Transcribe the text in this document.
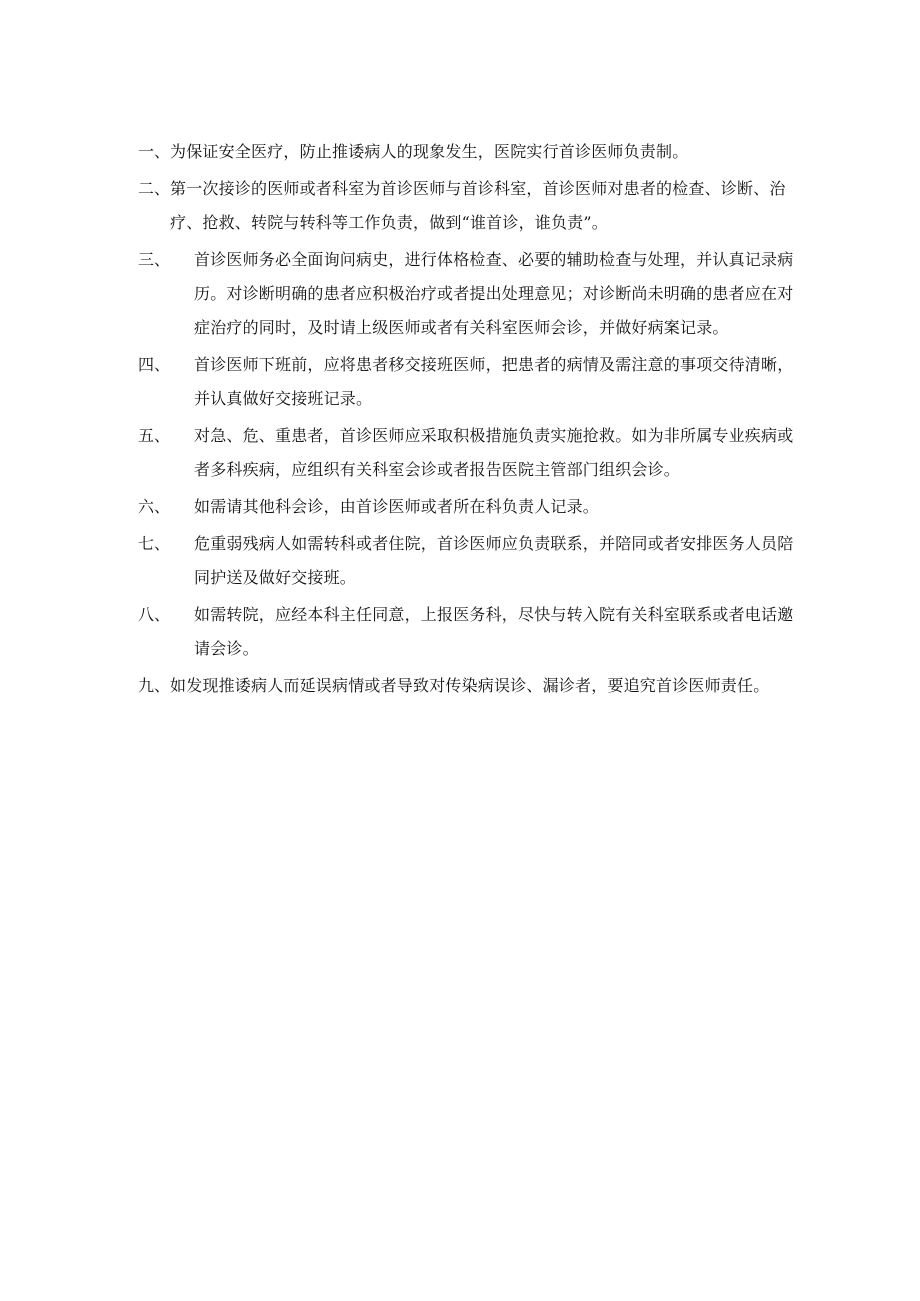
一、 为保证安全医疗，防止推诿病人的现象发生，医院实行首诊医师负责制。
二、 第一次接诊的医师或者科室为首诊医师与首诊科室，首诊医师对患者的检查、诊断、治疗、抢救、转院与转科等工作负责，做到“谁首诊，谁负责”。
三、 首诊医师务必全面询问病史，进行体格检查、必要的辅助检查与处理，并认真记录病历。对诊断明确的患者应积极治疗或者提出处理意见；对诊断尚未明确的患者应在对症治疗的同时，及时请上级医师或者有关科室医师会诊，并做好病案记录。
四、 首诊医师下班前，应将患者移交接班医师，把患者的病情及需注意的事项交待清晰，并认真做好交接班记录。
五、 对急、危、重患者，首诊医师应采取积极措施负责实施抢救。如为非所属专业疾病或者多科疾病，应组织有关科室会诊或者报告医院主管部门组织会诊。
六、 如需请其他科会诊，由首诊医师或者所在科负责人记录。
七、 危重弱残病人如需转科或者住院，首诊医师应负责联系，并陪同或者安排医务人员陪同护送及做好交接班。
八、 如需转院，应经本科主任同意，上报医务科，尽快与转入院有关科室联系或者电话邀请会诊。
九、 如发现推诿病人而延误病情或者导致对传染病误诊、漏诊者，要追究首诊医师责任。
